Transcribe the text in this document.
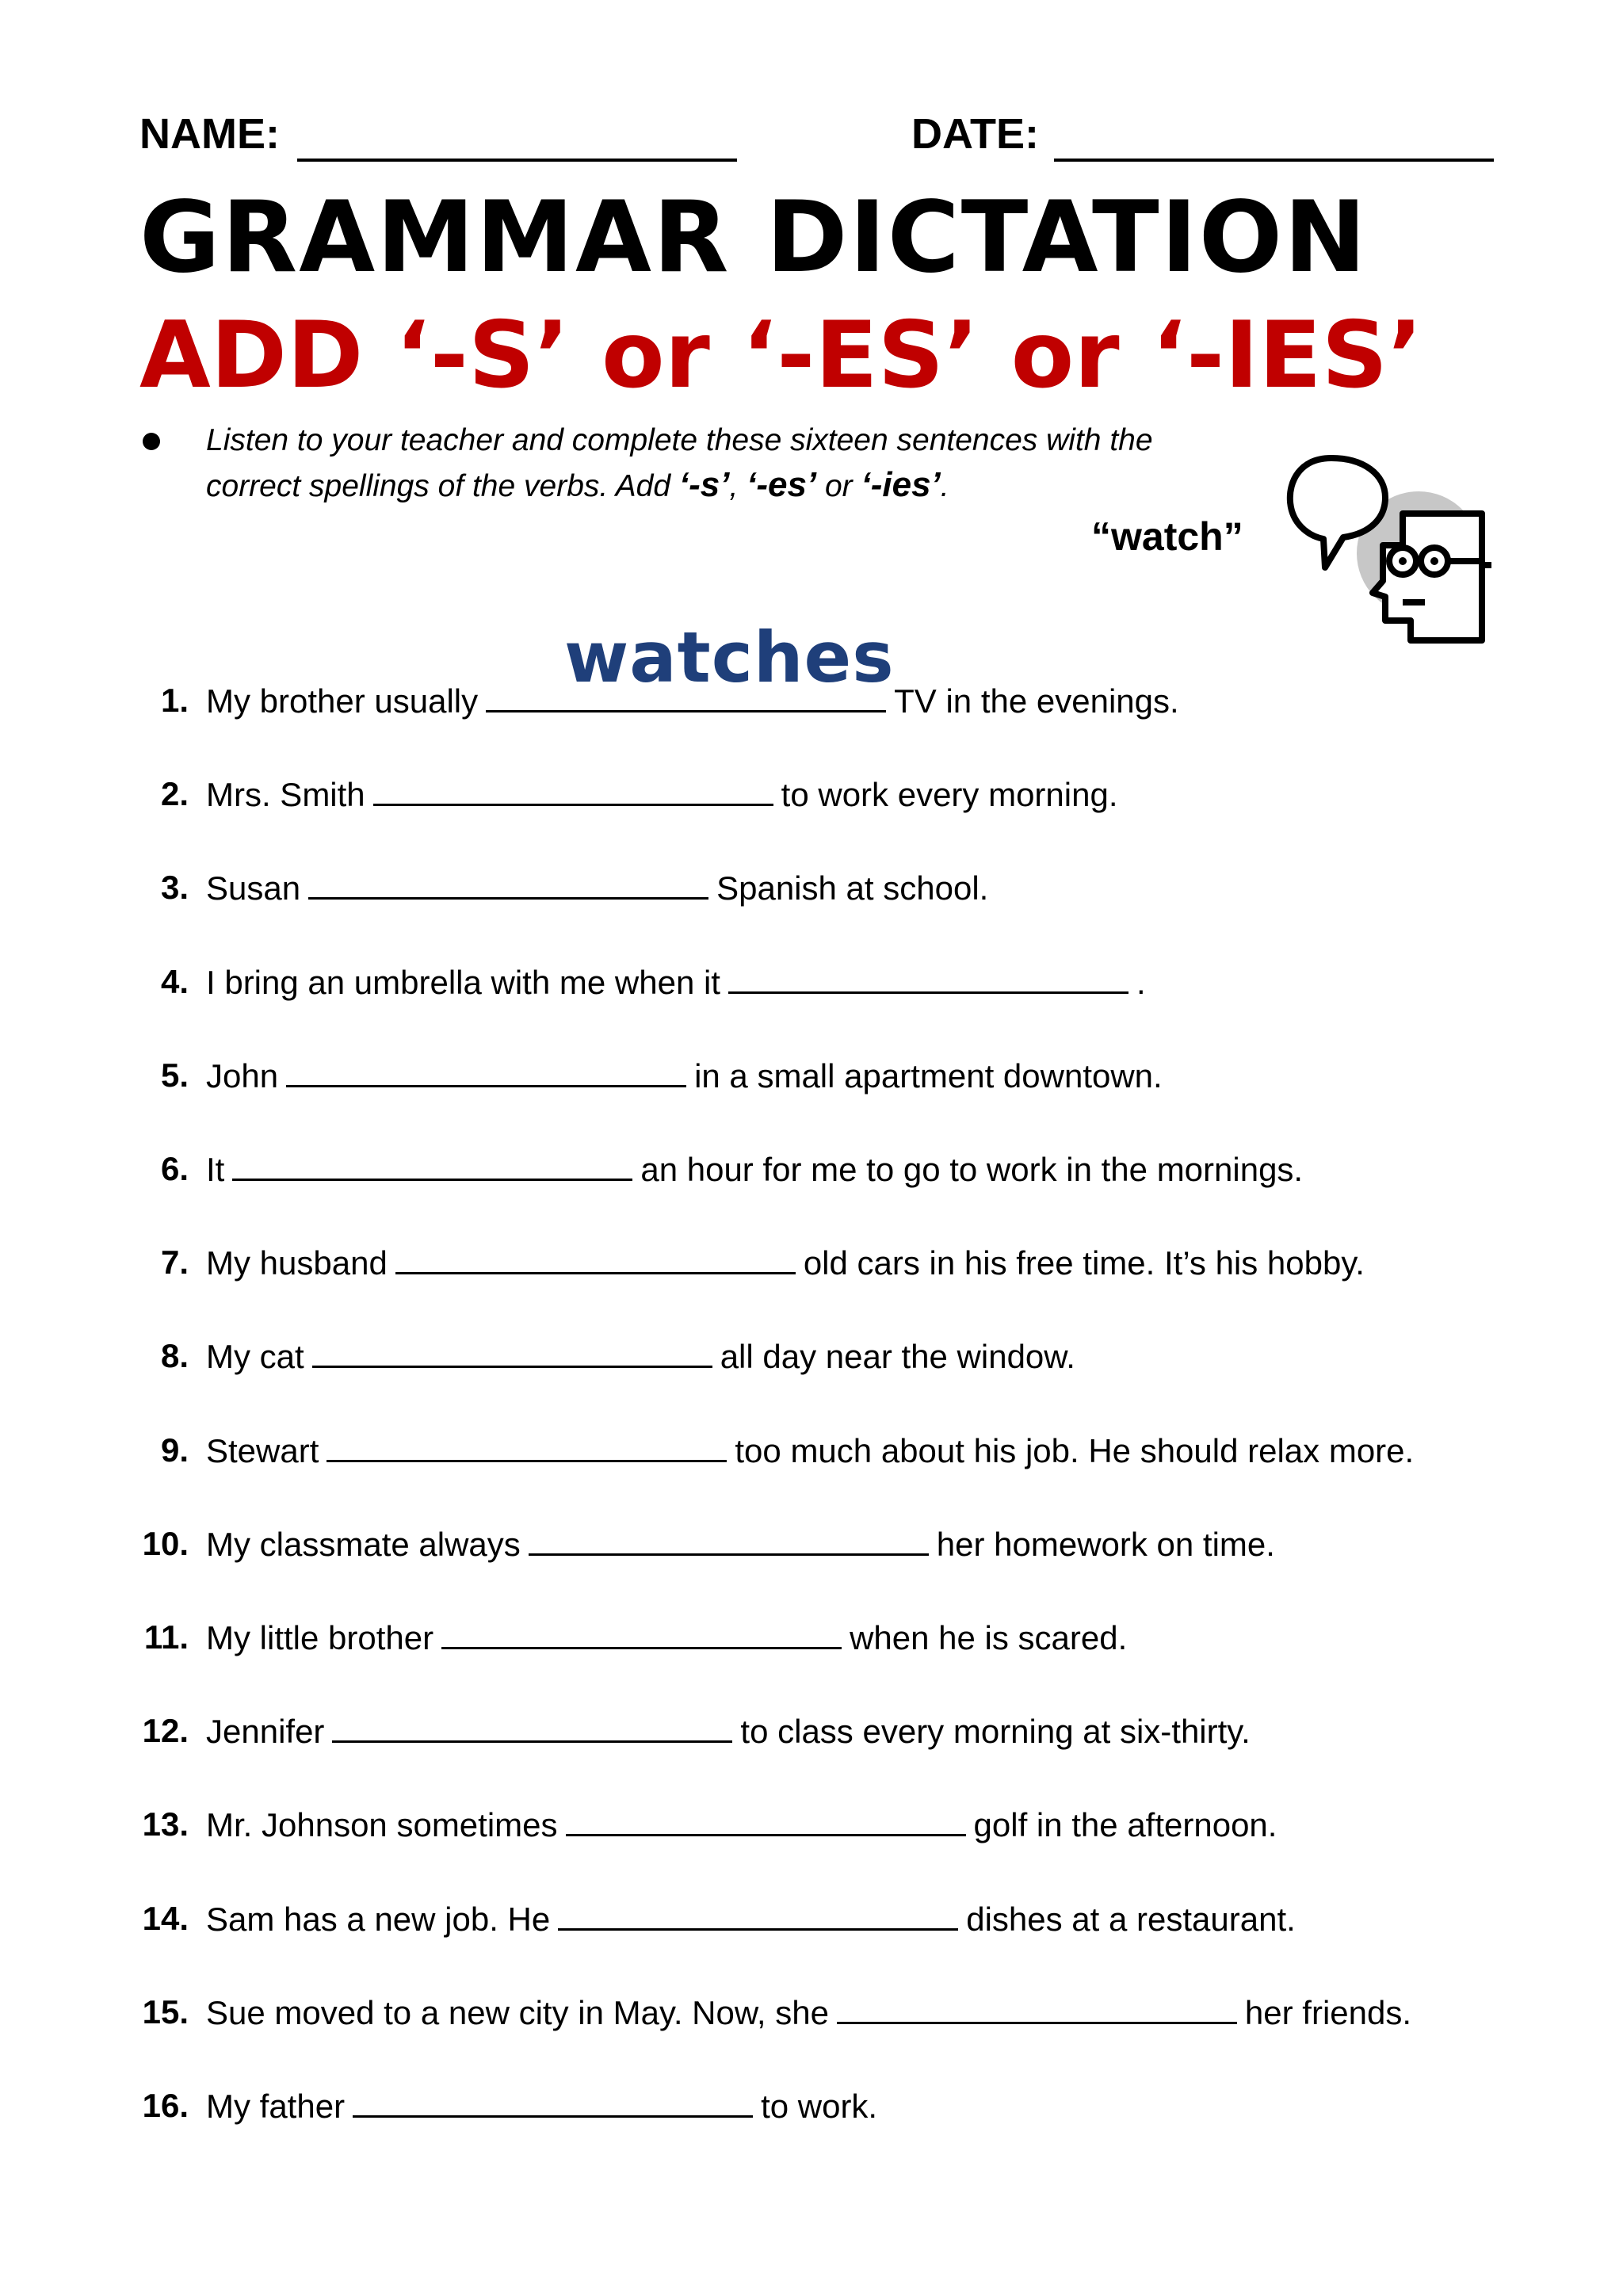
NAME:	DATE:
GRAMMAR DICTATION
ADD ‘-S’ or ‘-ES’ or ‘-IES’
Listen to your teacher and complete these sixteen sentences with the
correct spellings of the verbs. Add ‘-s’, ‘-es’ or ‘-ies’.
“watch”
watches
1. My brother usually	TV in the evenings.
2. Mrs. Smith	to work every morning.
3. Susan	Spanish at school.
4. I bring an umbrella with me when it	.
5. John	in a small apartment downtown.
6. It	an hour for me to go to work in the mornings.
7. My husband	old cars in his free time. It’s his hobby.
8. My cat	all day near the window.
9. Stewart	too much about his job. He should relax more.
10. My classmate always	her homework on time.
11. My little brother	when he is scared.
12. Jennifer	to class every morning at six-thirty.
13. Mr. Johnson sometimes	golf in the afternoon.
14. Sam has a new job. He	dishes at a restaurant.
15. Sue moved to a new city in May. Now, she	her friends.
16. My father	to work.
